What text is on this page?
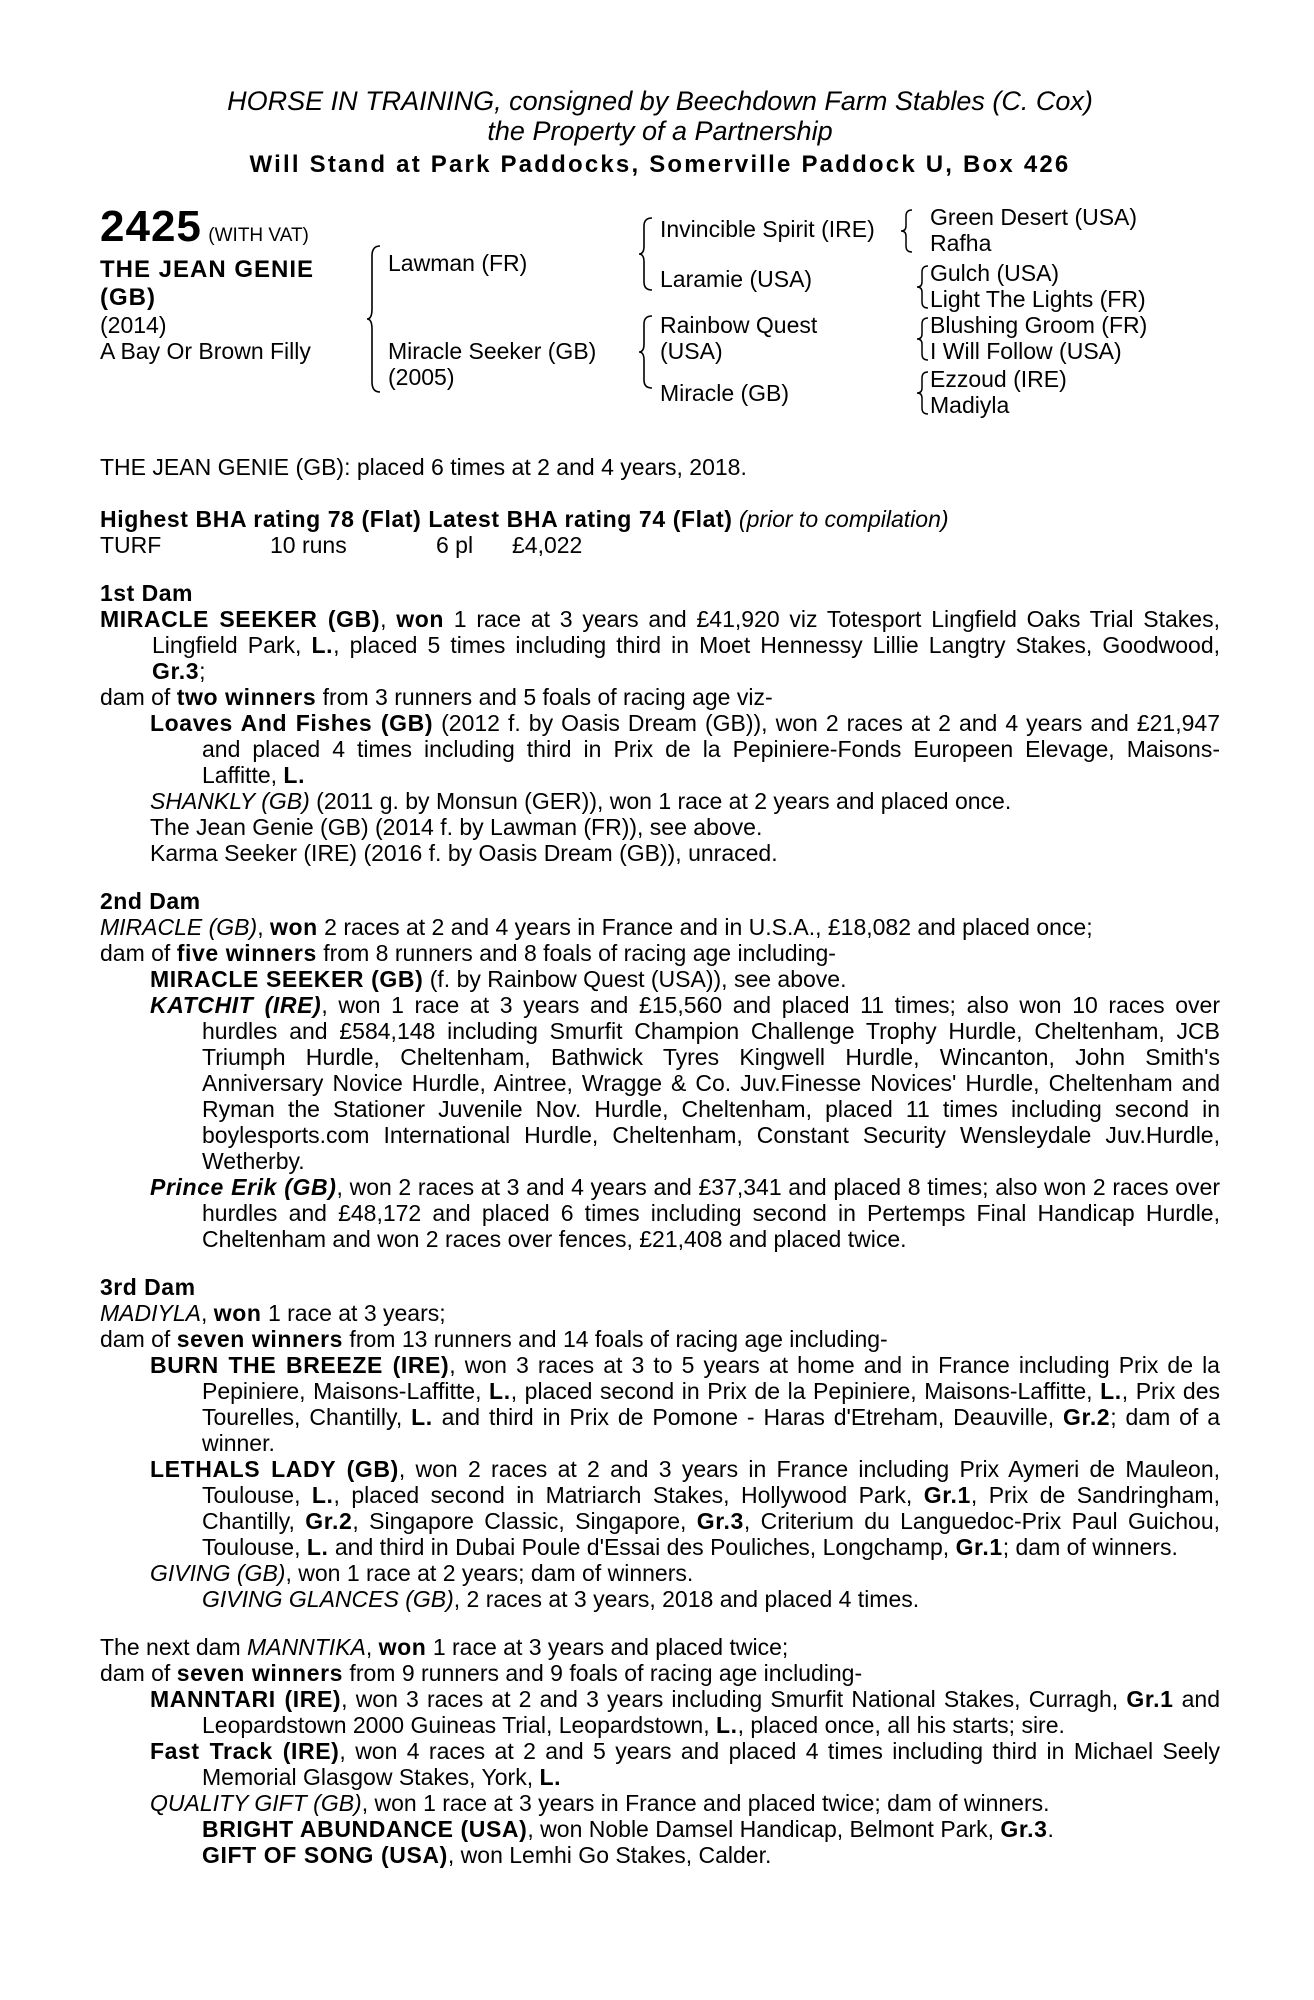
HORSE IN TRAINING, consigned by Beechdown Farm Stables (C. Cox)
the Property of a Partnership
Will Stand at Park Paddocks, Somerville Paddock U, Box 426
2425 (WITH VAT)
THE JEAN GENIE
(GB)
(2014)
A Bay Or Brown Filly
Lawman (FR)
Miracle Seeker (GB)
(2005)
Invincible Spirit (IRE)
Laramie (USA)
Rainbow Quest
(USA)
Miracle (GB)
Green Desert (USA)
Rafha
Gulch (USA)
Light The Lights (FR)
Blushing Groom (FR)
I Will Follow (USA)
Ezzoud (IRE)
Madiyla

THE JEAN GENIE (GB): placed 6 times at 2 and 4 years, 2018.

Highest BHA rating 78 (Flat) Latest BHA rating 74 (Flat) (prior to compilation)
TURF	10 runs	6 pl £4,022
1st Dam

MIRACLE SEEKER (GB), won 1 race at 3 years and £41,920 viz Totesport Lingfield Oaks Trial Stakes, Lingfield Park, L., placed 5 times including third in Moet Hennessy Lillie Langtry Stakes, Goodwood, Gr.3;

dam of two winners from 3 runners and 5 foals of racing age viz-

Loaves And Fishes (GB) (2012 f. by Oasis Dream (GB)), won 2 races at 2 and 4 years and £21,947 and placed 4 times including third in Prix de la Pepiniere-Fonds Europeen Elevage, Maisons-Laffitte, L.

SHANKLY (GB) (2011 g. by Monsun (GER)), won 1 race at 2 years and placed once.

The Jean Genie (GB) (2014 f. by Lawman (FR)), see above.

Karma Seeker (IRE) (2016 f. by Oasis Dream (GB)), unraced.

2nd Dam

MIRACLE (GB), won 2 races at 2 and 4 years in France and in U.S.A., £18,082 and placed once;

dam of five winners from 8 runners and 8 foals of racing age including-

MIRACLE SEEKER (GB) (f. by Rainbow Quest (USA)), see above.

KATCHIT (IRE), won 1 race at 3 years and £15,560 and placed 11 times; also won 10 races over hurdles and £584,148 including Smurfit Champion Challenge Trophy Hurdle, Cheltenham, JCB Triumph Hurdle, Cheltenham, Bathwick Tyres Kingwell Hurdle, Wincanton, John Smith's Anniversary Novice Hurdle, Aintree, Wragge & Co. Juv.Finesse Novices' Hurdle, Cheltenham and Ryman the Stationer Juvenile Nov. Hurdle, Cheltenham, placed 11 times including second in boylesports.com International Hurdle, Cheltenham, Constant Security Wensleydale Juv.Hurdle, Wetherby.

Prince Erik (GB), won 2 races at 3 and 4 years and £37,341 and placed 8 times; also won 2 races over hurdles and £48,172 and placed 6 times including second in Pertemps Final Handicap Hurdle, Cheltenham and won 2 races over fences, £21,408 and placed twice.

3rd Dam

MADIYLA, won 1 race at 3 years;

dam of seven winners from 13 runners and 14 foals of racing age including-

BURN THE BREEZE (IRE), won 3 races at 3 to 5 years at home and in France including Prix de la Pepiniere, Maisons-Laffitte, L., placed second in Prix de la Pepiniere, Maisons-Laffitte, L., Prix des Tourelles, Chantilly, L. and third in Prix de Pomone - Haras d'Etreham, Deauville, Gr.2; dam of a winner.

LETHALS LADY (GB), won 2 races at 2 and 3 years in France including Prix Aymeri de Mauleon, Toulouse, L., placed second in Matriarch Stakes, Hollywood Park, Gr.1, Prix de Sandringham, Chantilly, Gr.2, Singapore Classic, Singapore, Gr.3, Criterium du Languedoc-Prix Paul Guichou, Toulouse, L. and third in Dubai Poule d'Essai des Pouliches, Longchamp, Gr.1; dam of winners.

GIVING (GB), won 1 race at 2 years; dam of winners.

GIVING GLANCES (GB), 2 races at 3 years, 2018 and placed 4 times.

The next dam MANNTIKA, won 1 race at 3 years and placed twice;

dam of seven winners from 9 runners and 9 foals of racing age including-

MANNTARI (IRE), won 3 races at 2 and 3 years including Smurfit National Stakes, Curragh, Gr.1 and Leopardstown 2000 Guineas Trial, Leopardstown, L., placed once, all his starts; sire.

Fast Track (IRE), won 4 races at 2 and 5 years and placed 4 times including third in Michael Seely Memorial Glasgow Stakes, York, L.

QUALITY GIFT (GB), won 1 race at 3 years in France and placed twice; dam of winners.

BRIGHT ABUNDANCE (USA), won Noble Damsel Handicap, Belmont Park, Gr.3.

GIFT OF SONG (USA), won Lemhi Go Stakes, Calder.
